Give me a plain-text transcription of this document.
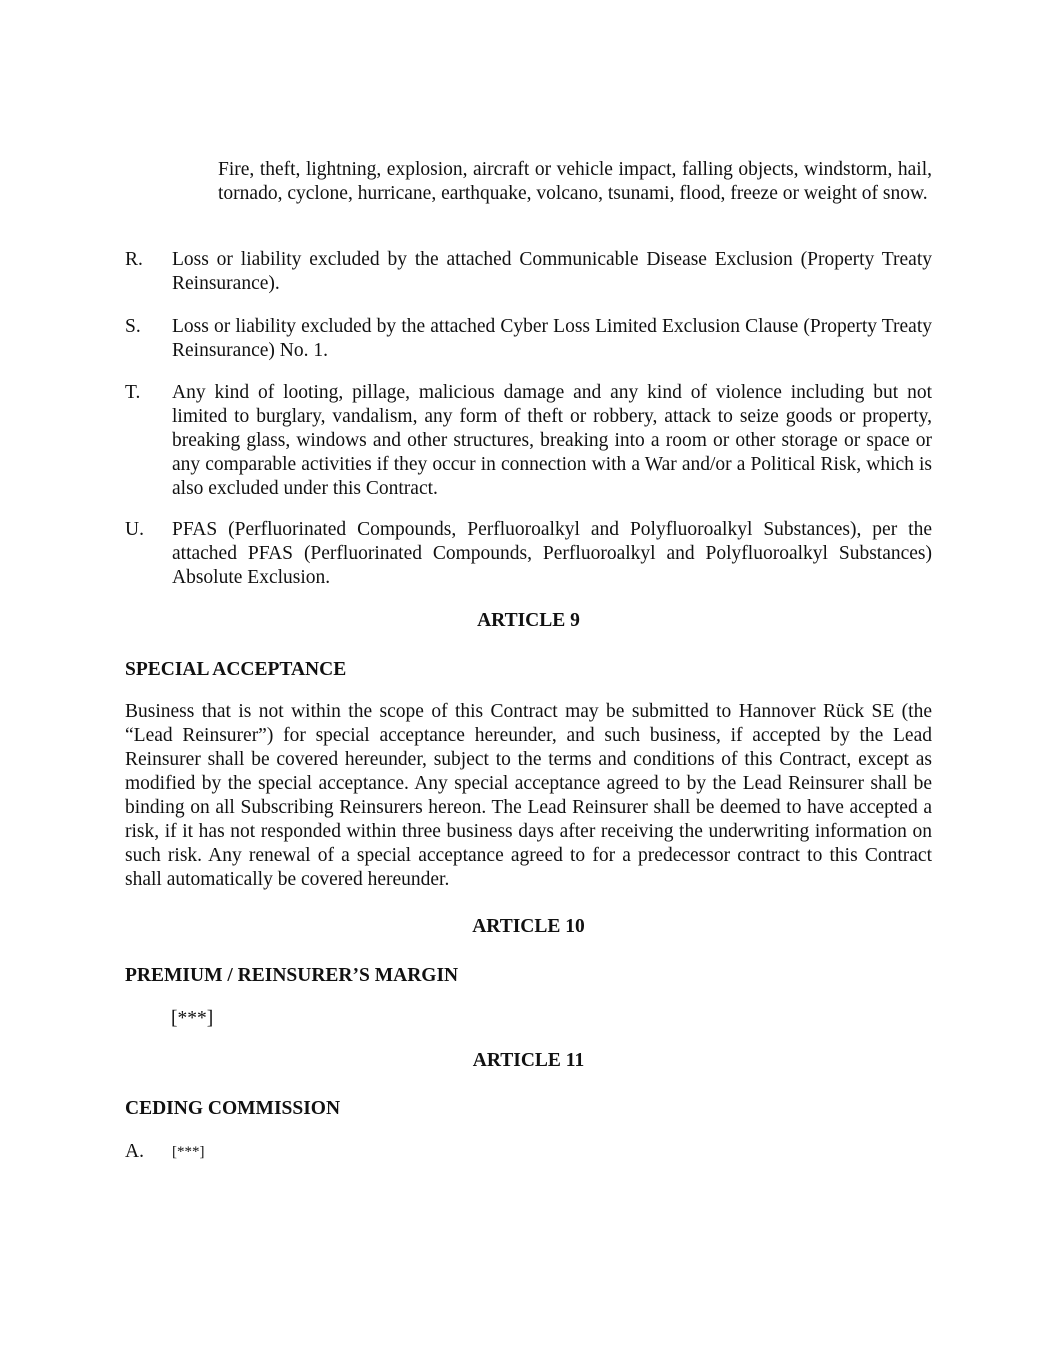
Fire, theft, lightning, explosion, aircraft or vehicle impact, falling objects, windstorm, hail, tornado, cyclone, hurricane, earthquake, volcano, tsunami, flood, freeze or weight of snow.
R. Loss or liability excluded by the attached Communicable Disease Exclusion (Property Treaty Reinsurance).
S. Loss or liability excluded by the attached Cyber Loss Limited Exclusion Clause (Property Treaty Reinsurance) No. 1.
T. Any kind of looting, pillage, malicious damage and any kind of violence including but not limited to burglary, vandalism, any form of theft or robbery, attack to seize goods or property, breaking glass, windows and other structures, breaking into a room or other storage or space or any comparable activities if they occur in connection with a War and/or a Political Risk, which is also excluded under this Contract.
U. PFAS (Perfluorinated Compounds, Perfluoroalkyl and Polyfluoroalkyl Substances), per the attached PFAS (Perfluorinated Compounds, Perfluoroalkyl and Polyfluoroalkyl Substances) Absolute Exclusion.
ARTICLE 9
SPECIAL ACCEPTANCE
Business that is not within the scope of this Contract may be submitted to Hannover Rück SE (the “Lead Reinsurer”) for special acceptance hereunder, and such business, if accepted by the Lead Reinsurer shall be covered hereunder, subject to the terms and conditions of this Contract, except as modified by the special acceptance. Any special acceptance agreed to by the Lead Reinsurer shall be binding on all Subscribing Reinsurers hereon. The Lead Reinsurer shall be deemed to have accepted a risk, if it has not responded within three business days after receiving the underwriting information on such risk. Any renewal of a special acceptance agreed to for a predecessor contract to this Contract shall automatically be covered hereunder.
ARTICLE 10
PREMIUM / REINSURER’S MARGIN
[***]
ARTICLE 11
CEDING COMMISSION
A. [***]
